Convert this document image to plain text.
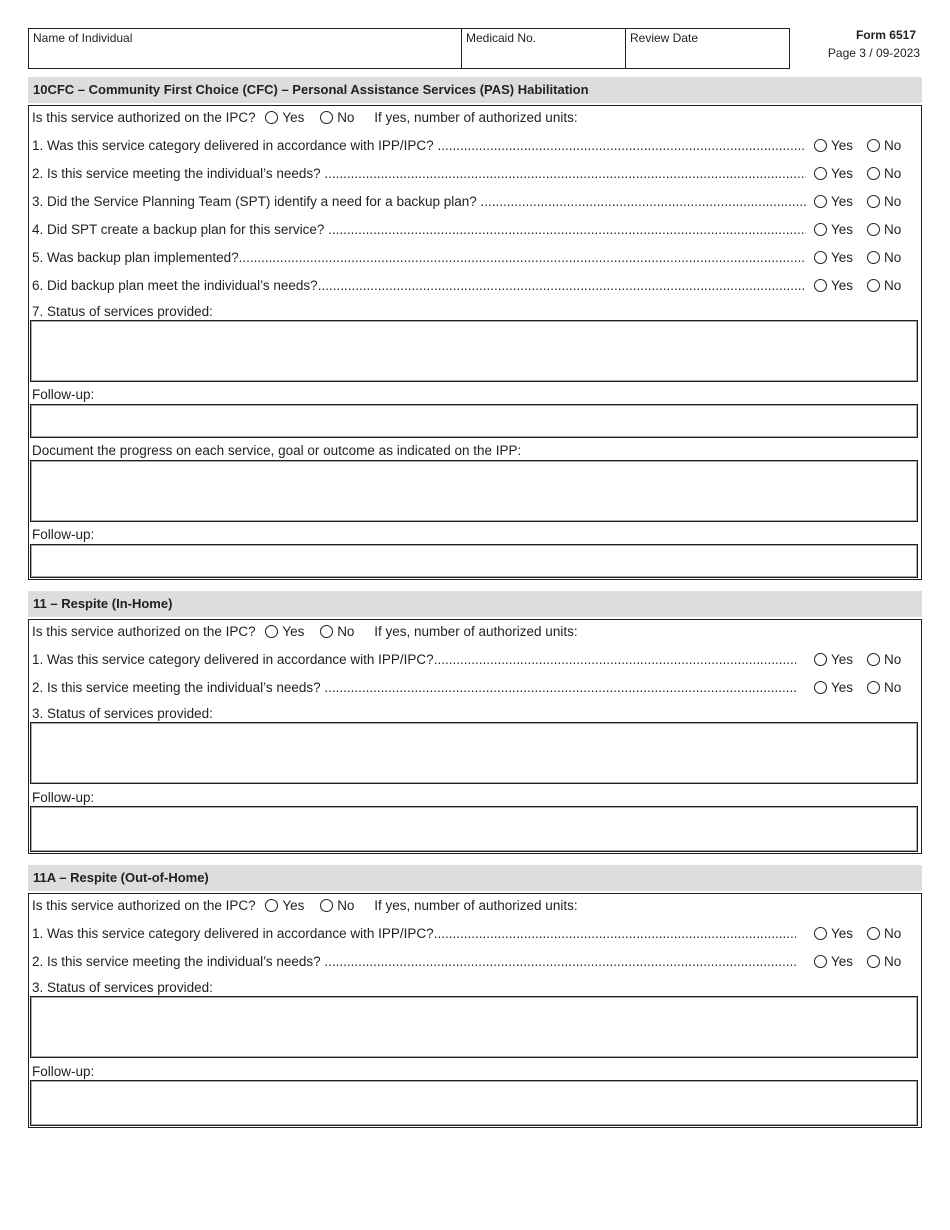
Name of Individual	Medicaid No.	Review Date	Form 6517
Page 3 / 09-2023
10CFC – Community First Choice (CFC) – Personal Assistance Services (PAS) Habilitation
Is this service authorized on the IPC? Yes No If yes, number of authorized units:
1. Was this service category delivered in accordance with IPP/IPC? .....	Yes No
2. Is this service meeting the individual’s needs? .....	Yes No
3. Did the Service Planning Team (SPT) identify a need for a backup plan? .....	Yes No
4. Did SPT create a backup plan for this service? .....	Yes No
5. Was backup plan implemented? .....	Yes No
6. Did backup plan meet the individual’s needs? .....	Yes No
7. Status of services provided:
Follow-up:
Document the progress on each service, goal or outcome as indicated on the IPP:
Follow-up:
11 – Respite (In-Home)
Is this service authorized on the IPC? Yes No If yes, number of authorized units:
1. Was this service category delivered in accordance with IPP/IPC? .....	Yes No
2. Is this service meeting the individual’s needs? .....	Yes No
3. Status of services provided:
Follow-up:
11A – Respite (Out-of-Home)
Is this service authorized on the IPC? Yes No If yes, number of authorized units:
1. Was this service category delivered in accordance with IPP/IPC? .....	Yes No
2. Is this service meeting the individual’s needs? .....	Yes No
3. Status of services provided:
Follow-up:
